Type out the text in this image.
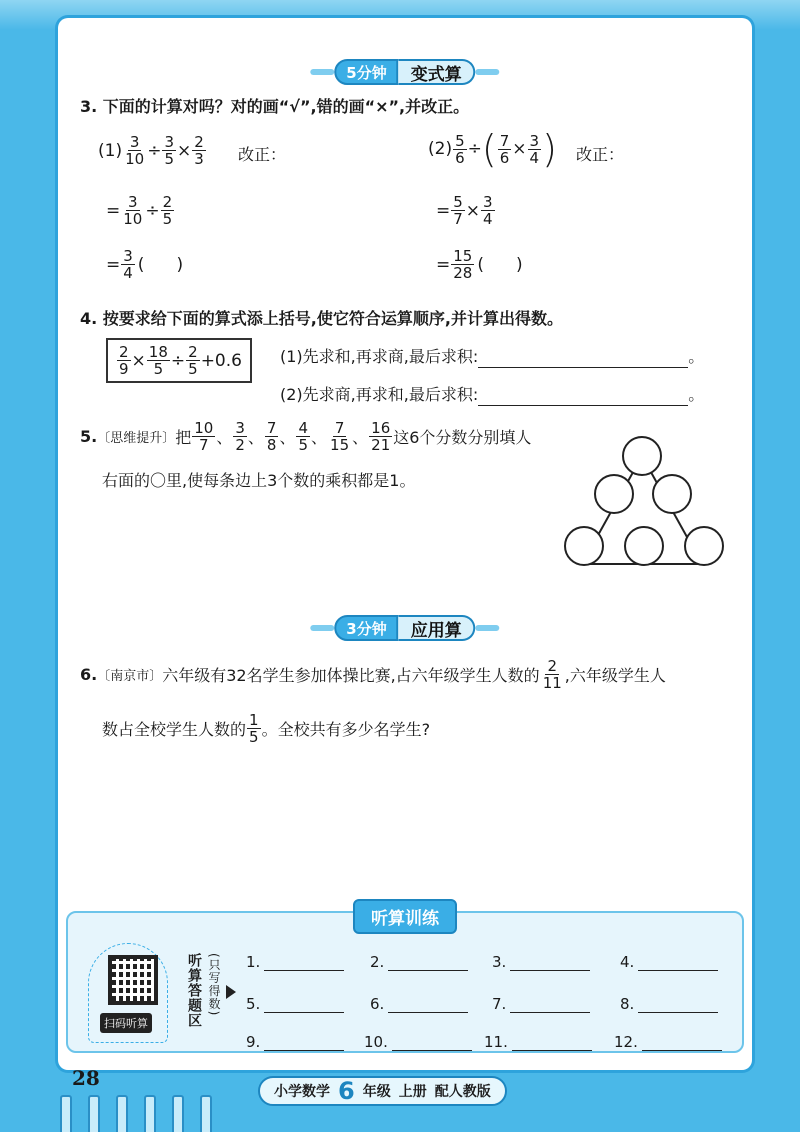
5分钟	变式算
3. 下面的计算对吗？对的画“√”,错的画“×”,并改正。
$(1) \frac{3}{10} \div \frac{3}{5} \times \frac{2}{3}$ 改正：
= $\frac{3}{10} \div \frac{2}{5}$
= $\frac{3}{4}$ ( )
$(2) \frac{5}{6}$ ÷ ( $\frac{7}{6} \times \frac{3}{4}$ ) 改正：
= $\frac{5}{7} \times \frac{3}{4}$
= $\frac{15}{28}$ ( )
4. 按要求给下面的算式添上括号,使它符合运算顺序,并计算出得数。
$\frac{2}{9} \times \frac{18}{5} \div \frac{2}{5} +0.6$ (1)先求和,再求商,最后求积:	。
(2)先求商,再求和,最后求积:	。
5. 〔思维提升〕 把 $\frac{10}{7}$ 、 $\frac{3}{2}$ 、 $\frac{7}{8}$ 、 $\frac{4}{5}$ 、 $\frac{7}{15}$ 、 $\frac{16}{21}$ 这6个分数分别填人
右面的〇里,使每条边上3个数的乘积都是1。
3分钟	应用算
6. 〔南京市〕 六年级有32名学生参加体操比赛,占六年级学生人数的 $\frac{2}{11}$ ,六年级学生人
数占全校学生人数的 $\frac{1}{5}$ 。全校共有多少名学生?
听算训练
扫码听算	听算答题区 (只写得数) 1.	2.	3.	4.
5.	6.	7.	8.
9.	10.	11.	12.
28
小学数学 6 年级 上册 配人教版
